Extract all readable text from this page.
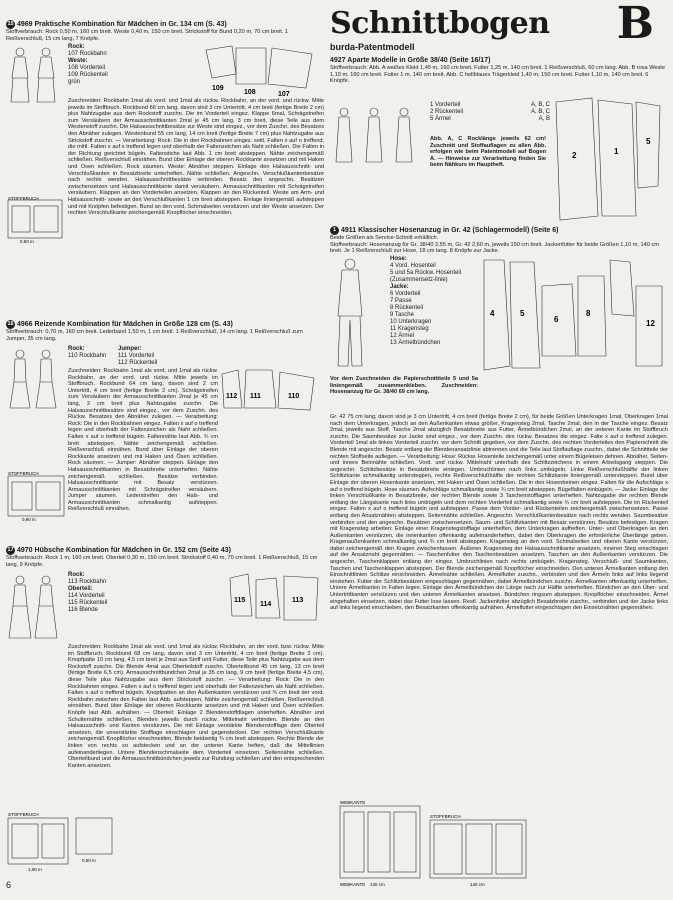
15 4969 Praktische Kombination für Mädchen in Gr. 134 cm (S. 43)

Stoffverbrauch: Rock 0,50 m, 160 cm breit. Weste 0,40 m, 150 cm breit. Strickstoff für Bund 0,20 m, 70 cm breit. 1 Reißverschluß, 15 cm lang, 7 Knöpfe.

Rock:

107 Rockbahn

Weste:

108 Vorderteil

109 Rückenteil

grün

109
108	107

Zuschneiden: Rockbahn 1mal als vord. und 1mal als rückw. Rockbahn, an der vord. und rückw. Mitte jeweils im Stoffbruch. Rockbund 66 cm lang, davon sind 3 cm Untertritt, 4 cm breit (fertige Breite 2 cm) plus Nahtzugabe aus dem Rockstoff zuschn. Die im Vorderteil eingez. Klappe 6mal, Schrägstreifen zum Versäubern der Armausschnittkanten 2mal je 45 cm lang, 3 cm breit, diese Teile aus dem Westenstoff zuschn. Die Halsausschnittbesätze zur Weste sind eingez., vor dem Zuschn. des Besatzes den Abnäher zulegen. Westenbund 55 cm lang, 14 cm breit (fertige Breite 7 cm) plus Nahtzugabe aus Strickstoff zuschn. — Verarbeitung: Rock: Die in den Rockbahnen eingez. seitl. Falten x auf o treffend, die mittl. Falten x auf x treffend legen und oberhalb der Faltenzeichen als Naht schließen. Die Falten in der Richtung gerichtet bügeln. Faltenstiche laut Abb. 1 cm breit absteppen. Nähte zeichengemäß schließen. Reißverschluß einnähen. Bund über Einlage der oberen Rockkante ansetzen und mit Haken und Osen schließen. Rock säumen. Weste: Abnäher steppen. Einlage den Halsausschnitt- und Verschlußkanten in Besatzbreite unterheften. Nähte schließen. Angeschn. Verschlußkantenbesätze nach rechts wenden. Halsausschnittbesätze verbinden. Besatz den angeschn. Besätzen zwischensetzen und Halsausschnittkante damit versäubern. Armausschnittkanten mit Schrägstreifen versäubern. Klappen an den Vorderteilen ansetzen. Klappen an den Rückenteil. Weste am Arm- und Halsausschnitt- sowie an den Verschlußkanten 1 cm breit absteppen. Einlage liniengemäß aufsteppen und mit Knöpfen befestigen. Bund an den vord. Schmalseiten verstürzen und der Weste ansetzen. Der rechten Verschlußkante zeichengemäß Knopflöcher einschneiden.

STOFFBRUCH
0,50 m
16 4966 Reizende Kombination für Mädchen in Größe 128 cm (S. 43)

Stoffverbrauch: 0,70 m, 160 cm breit. Lederband 1,50 m, 1 cm breit. 1 Reißverschluß, 14 cm lang. 1 Reißverschluß zum Jumper, 35 cm lang.

Rock:

110 Rockbahn

Jumper:

111 Vorderteil

112 Rückenteil

112 111	110

Zuschneiden: Rockbahn 1mal als vord. und 1mal als rückw. Rockbahn, an der vord. und rückw. Mitte jeweils im Stoffbruch. Rockbund 64 cm lang, davon sind 2 cm Untertritt, 4 cm breit (fertige Breite 2 cm). Schrägstreifen zum Versäubern der Armausschnittkanten 2mal je 45 cm lang, 2 cm breit plus Nahtzugabe zuschn. Die Halsausschnittbesätze sind eingez., vor dem Zuschn. des Rückw. Besatzes den Abnäher zulegen. — Verarbeitung: Rock: Die in den Rockbahnen eingez. Falten x auf o treffend legen und oberhalb der Faltenzeichen als Naht schließen. Falten x auf o treffend bügeln. Faltennähte laut Abb. ¾ cm breit absteppen. Nähte zeichengemäß schließen. Reißverschluß einnähen. Bund über Einlage der oberen Rockkante ansetzen und mit Haken und Ösen schließen. Rock säumen. — Jumper: Abnäher steppen. Einlage den Halsausschnittkanten in Besatzbreite unterheften. Nähte zeichengemäß schließen. Besätze verbinden. Halsausschnittkante mit Besatz verstürzen. Armausschnittkanten mit Schrägstreifen versäubern. Jumper säumen. Lederstreifen den Hals- und Armausschnittkanten schmalkantig aufsteppen. Reißverschluß einnähen.

STOFFBRUCH
0,90 m
17 4970 Hübsche Kombination für Mädchen in Gr. 152 cm (Seite 43)

Stoffverbrauch: Rock 1 m, 160 cm breit. Oberteil 0,30 m, 150 cm breit. Strickstoff 0,40 m, 70 cm breit. 1 Reißverschluß, 15 cm lang, 9 Knöpfe.

Rock:

113 Rockbahn

Oberteil:

114 Vorderteil

115 Rückenteil

116 Blende

115
114
113

Zuschneiden: Rockbahn 1mal als vord. und 1mal als rückw. Rockbahn, an der vord. bzw. rückw. Mitte im Stoffbruch. Rockbund 68 cm lang, davon sind 3 cm Untertritt, 4 cm breit (fertige Breite 2 cm). Knopfpatte 10 cm lang, 4,5 cm breit je 2mal aus Stoff und Futter, diese Teile plus Nahtzugabe aus dem Rockstoff zuschn. Die Blende 4mal aus Oberteilstoff zuschn. Oberteilbund 45 cm lang, 13 cm breit (fertige Breite 6,5 cm). Armausschnittbündchen 2mal je 35 cm lang, 9 cm breit (fertige Breite 4,5 cm), diese Teile plus Nahtzugabe aus dem Strickstoff zuschn. — Verarbeitung: Rock: Die in den Rockbahnen eingez. Falten x auf o treffend legen und oberhalb der Faltenzeichen als Naht schließen. Falten x auf o treffend bügeln. Knopfpatten an den Außenkanten verstürzen und ¾ cm breit der vord. Rockbahn zwischen den Falten laut Abb. aufsteppen. Nähte zeichengemäß schließen. Reißverschluß einnähen. Bund über Einlage der oberen Rockkante ansetzen und mit Haken und Ösen schließen. Knöpfe laut Abb. aufnähen. — Oberteil: Einlage 2 Blendenstoffdlagen unterheften. Abnäher und Schulternähte schließen. Blenden jeweils durch rückw. Mittelnaht verbinden. Blende an den Halsausschnitt- und Kanten verstürzen. Die mit Einlage verstärkte Blendenstofflage dem Oberteil ansetzen, die unverstärkte Stofflage einschlagen und gegenstecken. Der rechten Verschlußkante zeichengemäß Knopflöcher einschneiden. Blende beidseitig ¾ cm breit absteppen. Rechte Blende der linken von rechts so aufstecken und an der unteren Kante heften, daß die Mittellinien aufeinanderliegen. Untere Blendenschmalseite dem Vorderteil einsetzen. Seitennähte schließen. Oberteilbund und die Armausschnittbündchen jeweils zur Rundung schließen und den entsprechenden Kanten ansetzen.

STOFFBRUCH
1,00 m
0,50 m
6
Schnittbogen B
burda-Patentmodell
4927 Aparte Modelle in Größe 38/40 (Seite 16/17)

Stoffverbrauch: Abb. A weißes Kleid 1,45 m, 160 cm breit. Futter 1,25 m, 140 cm breit. 1 Reißverschluß, 60 cm lang. Abb. B rosa Weste 1,10 m, 160 cm breit. Futter 1 m, 140 cm breit. Abb. C hellblaues Trägerkleid 1,40 m, 150 cm breit. Futter 1,10 m, 140 cm breit. 6 Knöpfe.

1 Vorderteil	A, B, C
2 Rückenteil	A, B, C
5 Ärmel	A, B

Abb. A, C Rocklänge jeweils 62 cm! Zuschnitt und Stoffauflagen zu allen Abb. erfolgen wie beim Patentmodell auf Bogen A. — Hinweise zur Verarbeitung finden Sie beim Nähkurs im Hauptheft.

2	1
5
1 4911 Klassischer Hosenanzug in Gr. 42 (Schlagermodell) (Seite 6)

Beide Größen als Service-Schnitt erhältlich.

Stoffverbrauch: Hosenanzug für Gr. 38/40 2,55 m, Gr. 42 2,60 m, jeweils 150 cm breit. Jackenfutter für beide Größen 1,10 m, 140 cm breit. Je 1 Reißverschluß zur Hose, 18 cm lang. 8 Knöpfe zur Jacke.

Hose:

4 Vord. Hosenteil

5 und 5a Rückw. Hosenteil (Zusammensetz-linie)

Jacke:

6 Vorderteil

7 Passe

8 Rückenteil

9 Tasche

10 Unterkragen

11 Kragensteg

12 Ärmel

13 Ärmelbündchen

4	5
6
8
12

Vor dem Zuschneiden die Papierschnittteile 5 und 5a liniengemäß zusammenkleben. Zuschneiden: Hosenanzug für Gr. 38/40 69 cm lang.

Gr. 42 75 cm lang, davon sind je 3 cm Untertritt, 4 cm breit (fertige Breite 2 cm), für beide Größen Unterkragen 1mal, Oberkragen 1mal nach dem Unterkragen, jedoch an den Außenkanten etwas größer, Kragensteg 2mal, Tasche 2mal, den in der Tasche eingez. Besatz 2mal, jeweils aus Stoff, Tasche 2mal abzüglich Besatzbreite aus Futter, Ärmelbündchen 2mal, an der unteren Kante im Stoffbruch zuschn. Die Saumbesätze zur Jacke sind eingez., vor dem Zuschn. des rückw. Besatzes die eingez. Falte x auf o treffend zulegen. Vorderteil 1mal als linkes Vorderteil zuschn. vor dem Schnitt gegeben, vor dem Zuschn. des rechten Vorderteiles den Papierschnitt die Blende mit angeschn. Besatz entlang der Blendenansatzlinie abtrennen und die Teile laut Stoffauflage zuschn., dabei die Schnittteile der rechten Stoffseite auflegen. — Verarbeitung: Hose: Rückw. Hosenteile zeichengemäß unter einem Bügeleisen dehnen. Abnäher, Seiten- und innere Beinnähte schließen. Vord. und rückw. Mittelnaht unterhalb des Schlitzzeichens in einem Arbeitsgang steppen. Die angeschn. Schlitzbesätze in Besatzbreite einlegen. Umbruchlinien nach links umbügeln. Linke Reißverschlußhälfte der linken Schlitzkante schmalkantig untersteppen, rechte Reißverschlußhälfte der rechten Schlitzkante liniengemäß untersteppen. Bund über Einlage der oberen Hosenkante ansetzen, mit Haken und Ösen schließen. Die in den Hosenbeinen eingez. Falten für die Aufschläge x auf o treffend bügeln. Hose säumen. Aufschläge schmalkantig sowie ¾ cm breit absteppen. Bügelfalten einbügeln. — Jacke: Einlage der linken Verschlußkante in Besatzbreite, der rechten Blende sowie 3 Taschenstofflagen unterheften. Nahtzugabe der rechten Blende entlang der Längskante nach links umbügeln und dem rechten Vorderteil schmalkantig sowie ¾ cm breit aufsteppen. Die im Rückenteil eingez. Falten x auf o treffend bügeln und aufsteppen. Passe dem Vorder- und Rückenteilen zeichengemäß zwischensetzen. Passe entlang den Ansatznähten absteppen. Seitennähte schließen. Angeschn. Verschlußkantenbesätze nach rechts wenden. Saumbesätze verbinden und den angeschn. Besätzen zwischensetzen. Saum- und Schlitzkanten mit Besatz verstürzen. Besätze befestigen. Kragen mit Kragensteg arbeiten: Einlage einer Kragenstegstofflage unterheften, dem Unterkragen aufheften. Unter- und Oberkragen an den Außenkanten verstürzen, die innenkanten offenkantig aufeinanderheften, dabei den Oberkragen die erforderliche Überlänge geben. Kragenaußenkanten schmalkantig und ¾ cm breit absteppen. Kragensteg an den vord. Schmalseiten und oberen Kante verstürzen, dabei zeichengemäß den Kragen zwischenfassen. Äußeren Kragensteg der Halsausschnittkante ansetzen, inneren Steg einschlagen auf der Ansatznaht gegennähen. — Taschenfutter den Taschenbesätzen ansetzen. Taschen an den Außenkanten verstürzen. Die angeschn. Taschenklappen entlang der eingez. Umbruchlinien nach rechts umbügeln. Kragensteg, Verschluß- und Saumkanten, Taschen und Taschenklappen absteppen. Der Blende zeichengemäß Knopflöcher einschneiden. Den unteren Ärmelkanten entlang den Einschnittlinien Schlitze einschneiden. Ärmelnähte schließen. Ärmelfutter zuschn., verbinden und den Ärmeln links auf links liegend einziehen. Futter der Schlitzbesätzen eingeschlagen gegennähen, dabei Ärmelbündchen zuschn. Ärmelkanten offenkantig unterheften. Untere Ärmelkanten in Falten legen. Einlage den Ärmelbündchen der Länge nach zur Hälfte unterheften. Bündchen an den Über- und Untertrittkanten verstürzen und den unteren Ärmelkanten ansetzen. Bündchen ringsum absteppen. Knopflöcher einschneiden. Ärmel eingehalten einsetzen, dabei das Futter lose lassen. Restl. Jackenfutter abzüglich Besatzbreite zuschn., verbinden und der Jacke links auf links liegend einschieben, den Besatzkanten offenkantig aufnähen. Ärmelfutter eingeschlagen den Einsetznähten gegennähen.

WEBKANTE
STOFFBRUCH
WEBKANTE 140 cm	140 cm
